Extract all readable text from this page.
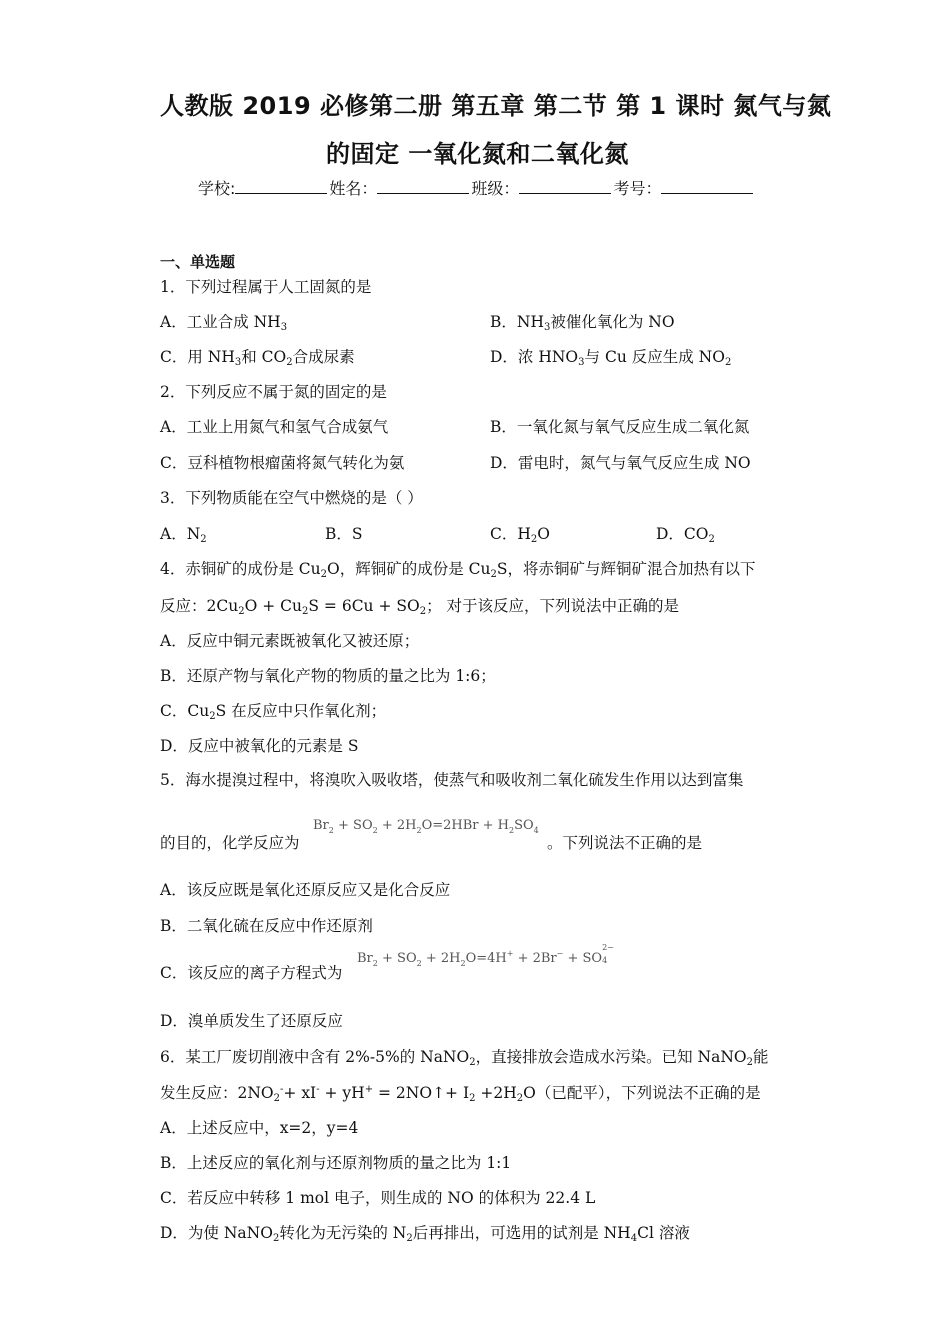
人教版 2019 必修第二册 第五章 第二节 第 1 课时 氮气与氮
的固定 一氧化氮和二氧化氮
学校:	姓名：	班级：	考号：
一、单选题
1．下列过程属于人工固氮的是
A．工业合成 $NH_3$	B．$NH_3$被催化氧化为 NO
C．用 $NH_3$和 $CO_2$合成尿素	D．浓 $HNO_3$与 Cu 反应生成 $NO_2$
2．下列反应不属于氮的固定的是
A．工业上用氮气和氢气合成氨气	B．一氧化氮与氧气反应生成二氧化氮
C．豆科植物根瘤菌将氮气转化为氨	D．雷电时，氮气与氧气反应生成 NO
3．下列物质能在空气中燃烧的是（ ）
A．$N_2$	B．S	C．$H_2O$	D．$CO_2$
4．赤铜矿的成份是 $Cu_2O$，辉铜矿的成份是 $Cu_2S$，将赤铜矿与辉铜矿混合加热有以下
反应：$2Cu_2O + Cu_2S = 6Cu + SO_2$； 对于该反应，下列说法中正确的是
A．反应中铜元素既被氧化又被还原；
B．还原产物与氧化产物的物质的量之比为 1:6；
C．$Cu_2S$ 在反应中只作氧化剂；
D．反应中被氧化的元素是 S
5．海水提溴过程中，将溴吹入吸收塔，使蒸气和吸收剂二氧化硫发生作用以达到富集
$Br_2 + SO_2 + 2H_2O=2HBr + H_2SO_4$
的目的，化学反应为	。下列说法不正确的是
A．该反应既是氧化还原反应又是化合反应
B．二氧化硫在反应中作还原剂
C．该反应的离子方程式为
$Br_2 + SO_2 + 2H_2O=4H^+ + 2Br^-$ + SO
2−
4
D．溴单质发生了还原反应
6．某工厂废切削液中含有 2%-5%的 NaNO$_2$，直接排放会造成水污染。已知 NaNO$_2$能
发生反应：$2NO_2^-+ xI^- + yH^+$ = 2NO↑+ $I_2 +2H_2O$（已配平），下列说法不正确的是
A．上述反应中，x=2，y=4
B．上述反应的氧化剂与还原剂物质的量之比为 1:1
C．若反应中转移 1 mol 电子，则生成的 NO 的体积为 22.4 L
D．为使 NaNO$_2$转化为无污染的 $N_2$后再排出，可选用的试剂是 $NH_4Cl$ 溶液
